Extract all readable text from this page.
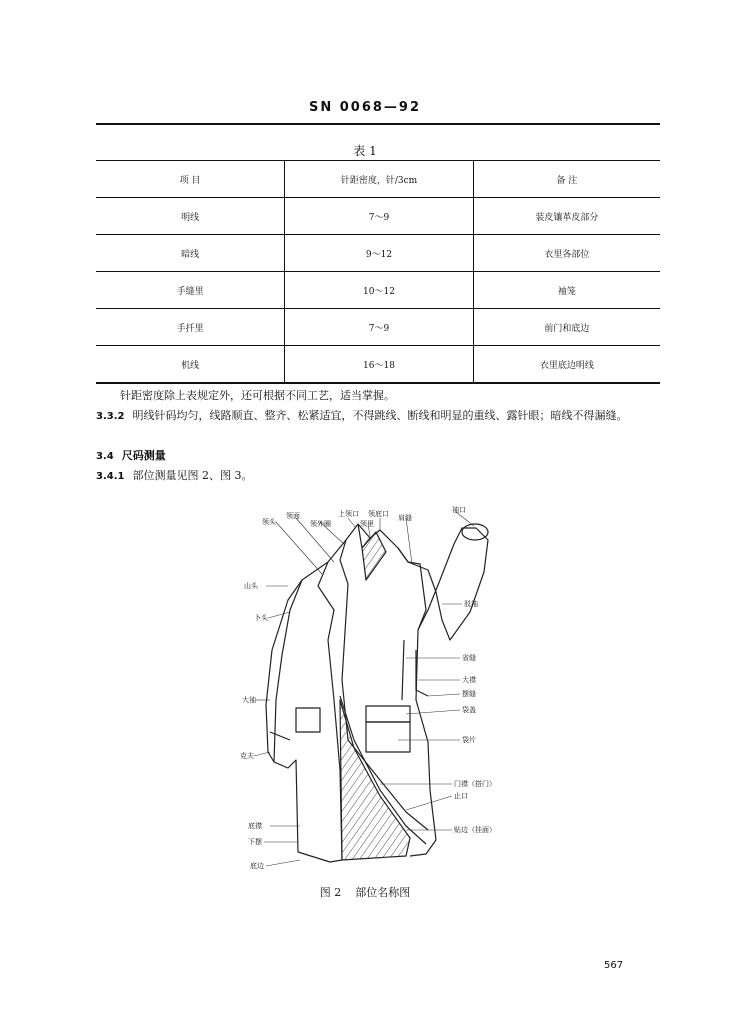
SN 0068—92
表 1
项 目	针距密度，针/3cm	备 注
明线	7～9	装皮镶革皮部分
暗线	9～12	衣里各部位
手缝里	10～12	袖笼
手扦里	7～9	前门和底边
机线	16～18	衣里底边明线
针距密度除上表规定外，还可根据不同工艺，适当掌握。
3.3.2 明线针码均匀，线路顺直、整齐、松紧适宜，不得跳线、断线和明显的重线、露针眼；暗线不得漏缝。
3.4 尺码测量
3.4.1 部位测量见图 2、图 3。
领头
领面
领外圈
上领口
领里
领底口 肩缝
袖口
山头
卜头
驳袖
省缝
大襟
摆缝
袋盖
袋片
大袖
克夫
门襟（搭门）
止口
底襟	贴边（挂面）
下摆
底边
图 2 部位名称图
567
